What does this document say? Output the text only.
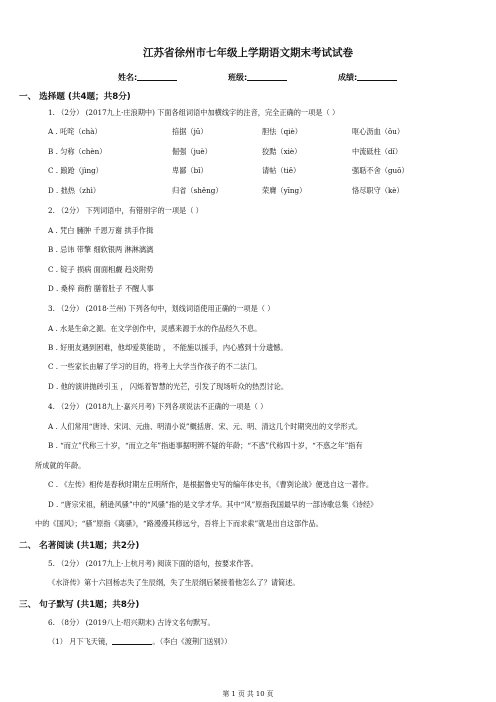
江苏省徐州市七年级上学期语文期末考试试卷
姓名:	班级:	成绩:
一、 选择题 (共4题；共8分)
1. （2分） (2017九上·庄浪期中) 下面各组词语中加横线字的注音，完全正确的一项是（ ）
A . 吒咤（chà）	掊据（jū）	胆怯（qiè）	呕心沥血（ǒu）
B . 匀称（chèn）	倔强（juè）	狡黠（xiè）	中流砥柱（dǐ）
C . 踉跄（jìng）	卑鄙（bǐ）	请帖（tiě）	强聒不舍（guō）
D . 拙热（zhì）	归省（shěng）	荣膺（yīng）	恪尽职守（kè）
2. （2分） 下列词语中，有错别字的一项是（ ）
A . 咒白 臃肿 千恩万谢 拱手作揖
B . 忌讳 带擎 细软银两 淋淋漓漓
C . 锭子 损病 面面相觑 趋炎附势
D . 桑梓 商酌 膳着肚子 不醒人事
3. （2分） (2018·兰州) 下列各句中，划线词语使用正确的一项是（ ）
A . 水是生命之源。在文学创作中，灵感来源于水的作品经久不息。
B . 好朋友遇到困难，他却爱莫能助 ， 不能施以援手，内心感到十分遗憾。
C . 一些家长由解了学习的目的，将考上大学当作孩子的不二法门。
D . 他的演讲抛砖引玉 ， 闪烁着智慧的光芒，引发了现场听众的热烈讨论。
4. （2分） (2018九上·嘉兴月考) 下列各项说法不正确的一项是（ ）
A . 人们常用“唐诗、宋词、元曲、明清小说”概括唐、宋、元、明、清这几个时期突出的文学形式。
B . “而立”代称三十岁，“而立之年”指逝事据明辨不疑的年龄；“不惑”代称四十岁，“不惑之年”指有
所成就的年龄。
C . 《左传》相传是春秋时期左丘明所作，是根据鲁史写的编年体史书，《曹刿论战》便选自这一著作。
D . “唐宗宋祖，稍逊风骚”中的“风骚”指的是文学才华。其中“风”原指我国最早的一部诗歌总集《诗经》
中的《国风》；“骚”原指《离骚》，“路漫漫其修远兮，吾将上下而求索”就是出自这部作品。
二、 名著阅读 (共1题；共2分)
5. （2分） (2017九上·上杭月考) 阅读下面的语句，按要求作答。
《水浒传》第十六回杨志失了生辰纲，失了生辰纲后紧接着他怎么了？请简述。
三、 句子默写 (共1题；共8分)
6. （8分） (2019八上·绍兴期末) 古诗文名句默写。
（1） 月下飞天镜，	。（李白《渡荆门送别》）
第 1 页 共 10 页
